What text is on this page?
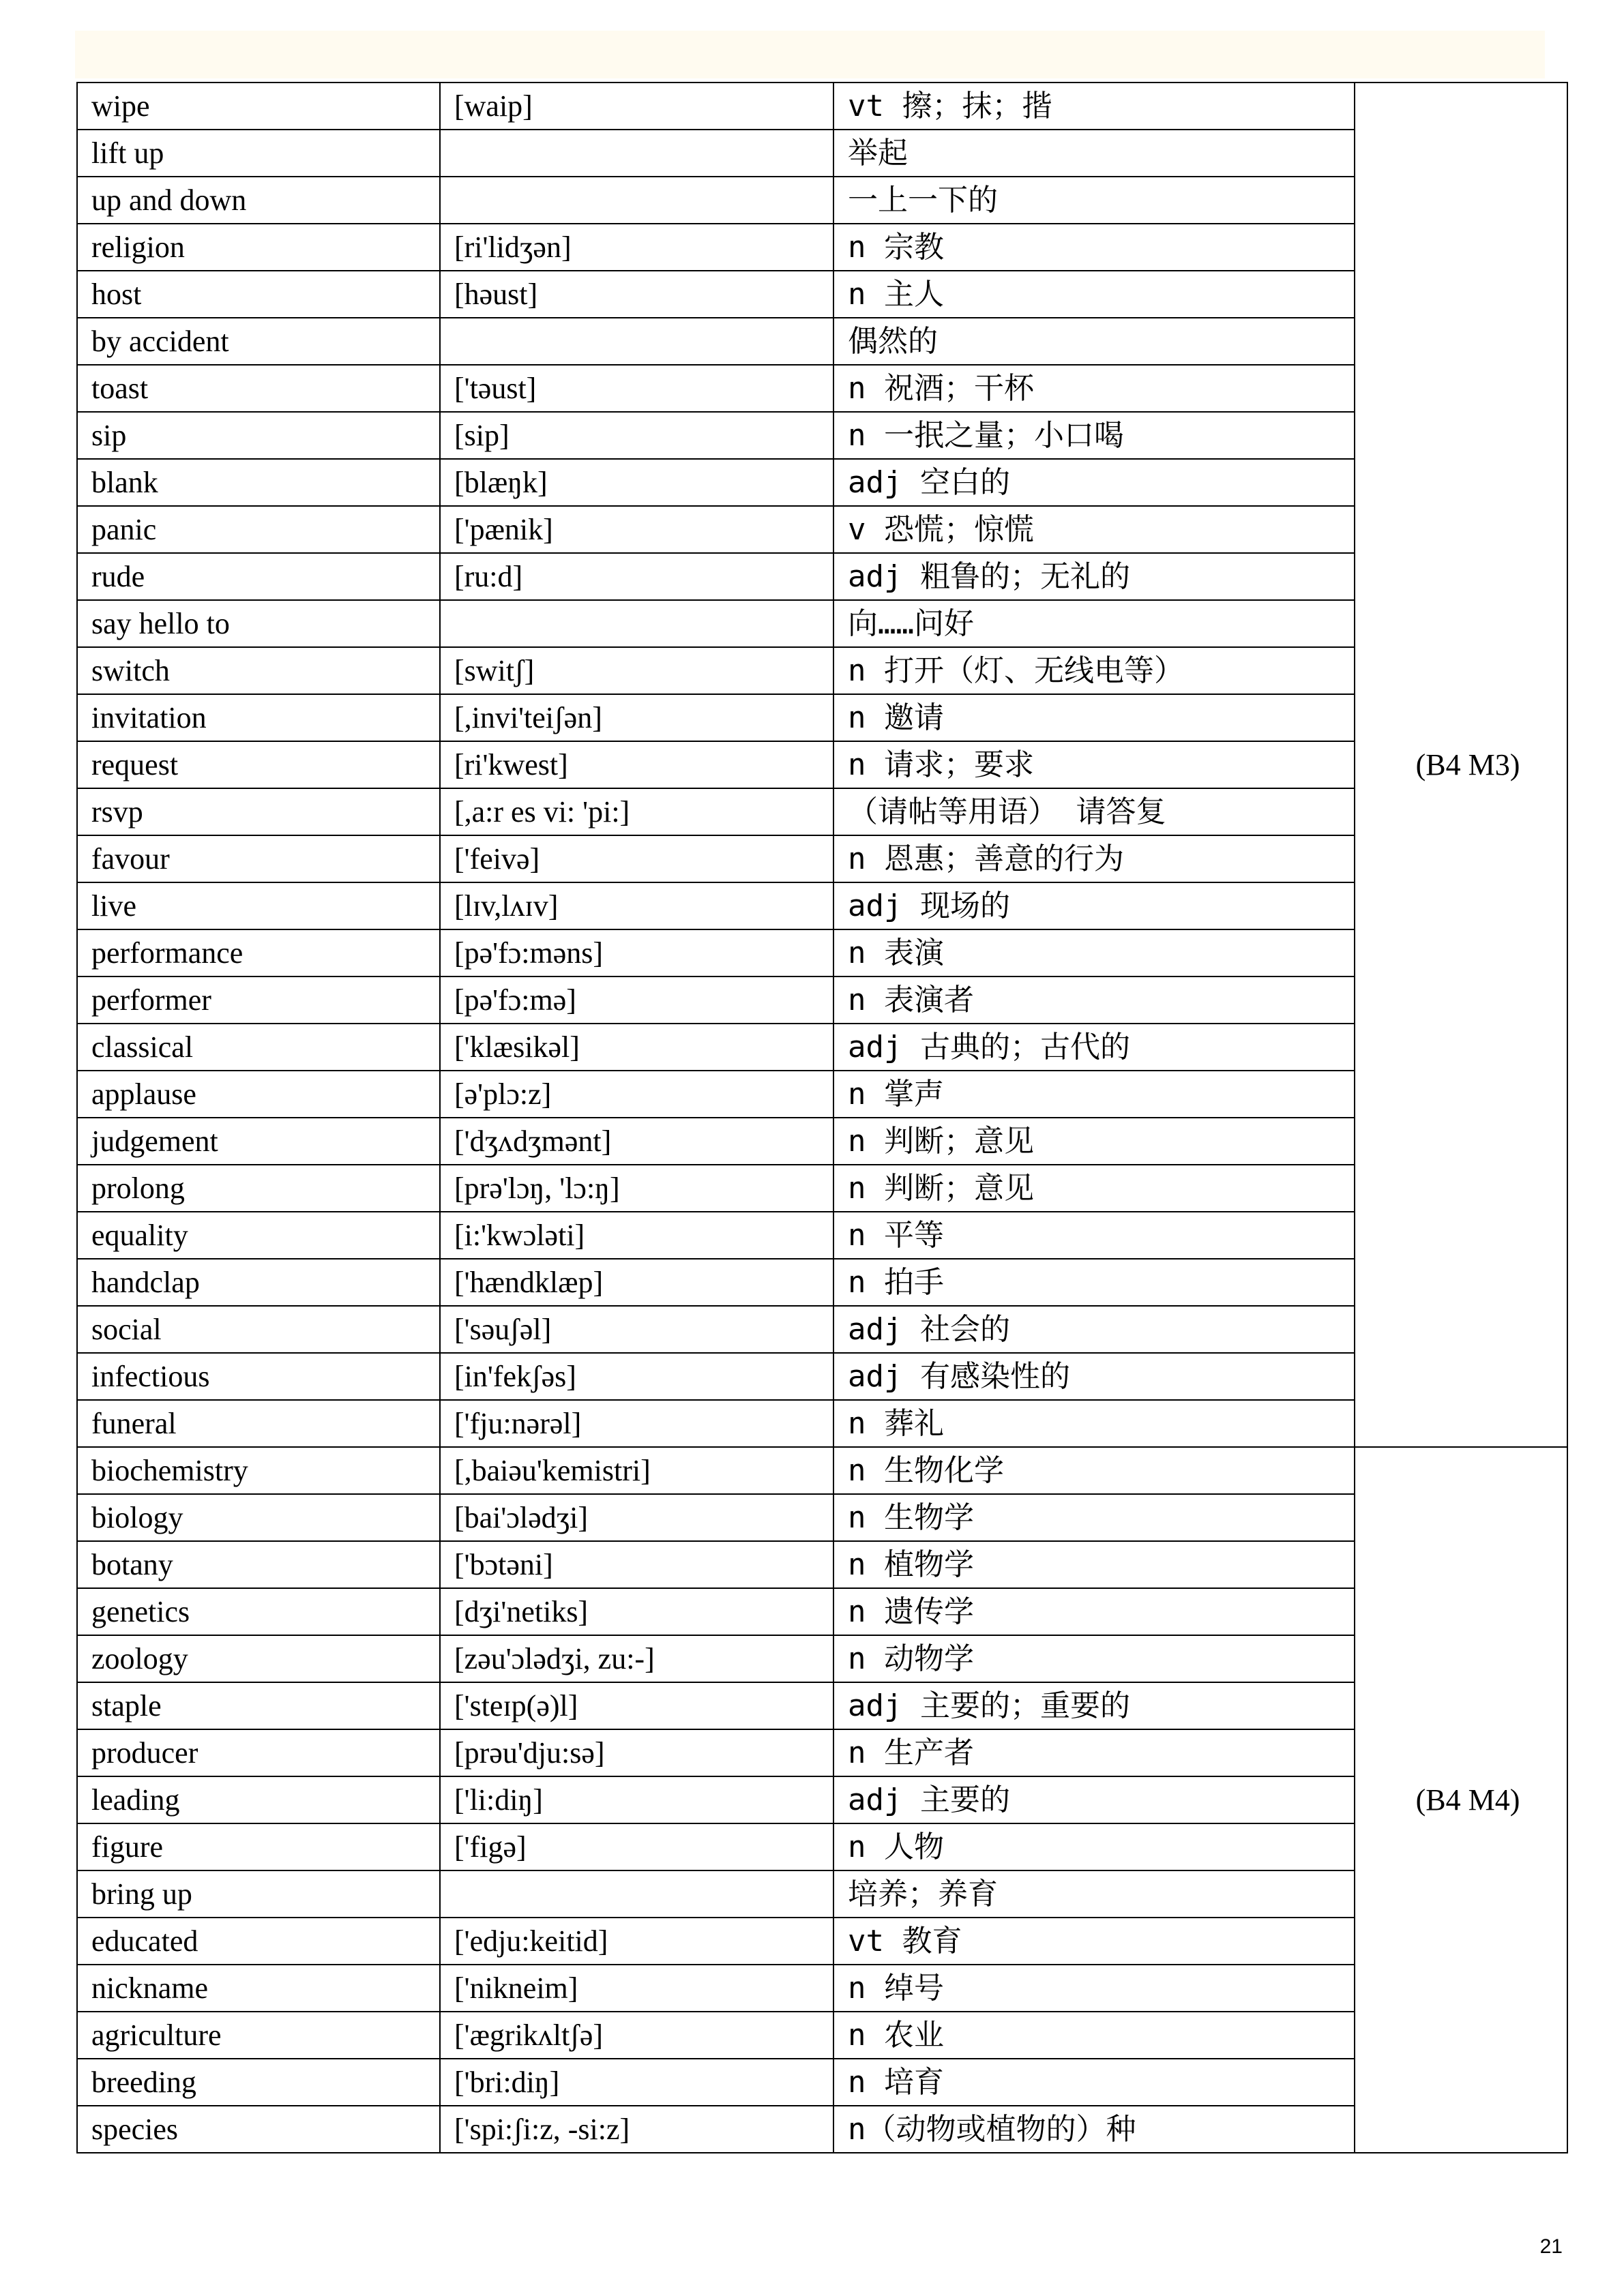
wipe	[waip]	vt 擦；抹；揩	(B4 M3)
lift up		举起	
up and down		一上一下的	
religion	[ri'lidʒən]	n 宗教	
host	[həust]	n 主人	
by accident		偶然的	
toast	['təust]	n 祝酒；干杯	
sip	[sip]	n 一抿之量；小口喝	
blank	[blæŋk]	adj 空白的	
panic	['pænik]	v 恐慌；惊慌	
rude	[ru:d]	adj 粗鲁的；无礼的	
say hello to		向……问好	
switch	[switʃ]	n 打开（灯、无线电等）	
invitation	[,invi'teiʃən]	n 邀请	
request	[ri'kwest]	n 请求；要求	
rsvp	[,a:r es vi: 'pi:]	（请帖等用语） 请答复	
favour	['feivə]	n 恩惠；善意的行为	
live	[lɪv,lʌɪv]	adj 现场的	
performance	[pə'fɔ:məns]	n 表演	
performer	[pə'fɔ:mə]	n 表演者	
classical	['klæsikəl]	adj 古典的；古代的	
applause	[ə'plɔ:z]	n 掌声	
judgement	['dʒʌdʒmənt]	n 判断；意见	
prolong	[prə'lɔŋ, 'lɔ:ŋ]	n 判断；意见	
equality	[i:'kwɔləti]	n 平等	
handclap	['hændklæp]	n 拍手	
social	['səuʃəl]	adj 社会的	
infectious	[in'fekʃəs]	adj 有感染性的	
funeral	['fju:nərəl]	n 葬礼	
biochemistry	[,baiəu'kemistri]	n 生物化学	(B4 M4)
biology	[bai'ɔlədʒi]	n 生物学	
botany	['bɔtəni]	n 植物学	
genetics	[dʒi'netiks]	n 遗传学	
zoology	[zəu'ɔlədʒi, zu:-]	n 动物学	
staple	['steɪp(ə)l]	adj 主要的；重要的	
producer	[prəu'dju:sə]	n 生产者	
leading	['li:diŋ]	adj 主要的	
figure	['figə]	n 人物	
bring up		培养；养育	
educated	['edju:keitid]	vt 教育	
nickname	['nikneim]	n 绰号	
agriculture	['ægrikʌltʃə]	n 农业	
breeding	['bri:diŋ]	n 培育	
species	['spi:ʃi:z, -si:z]	n（动物或植物的）种	
21
